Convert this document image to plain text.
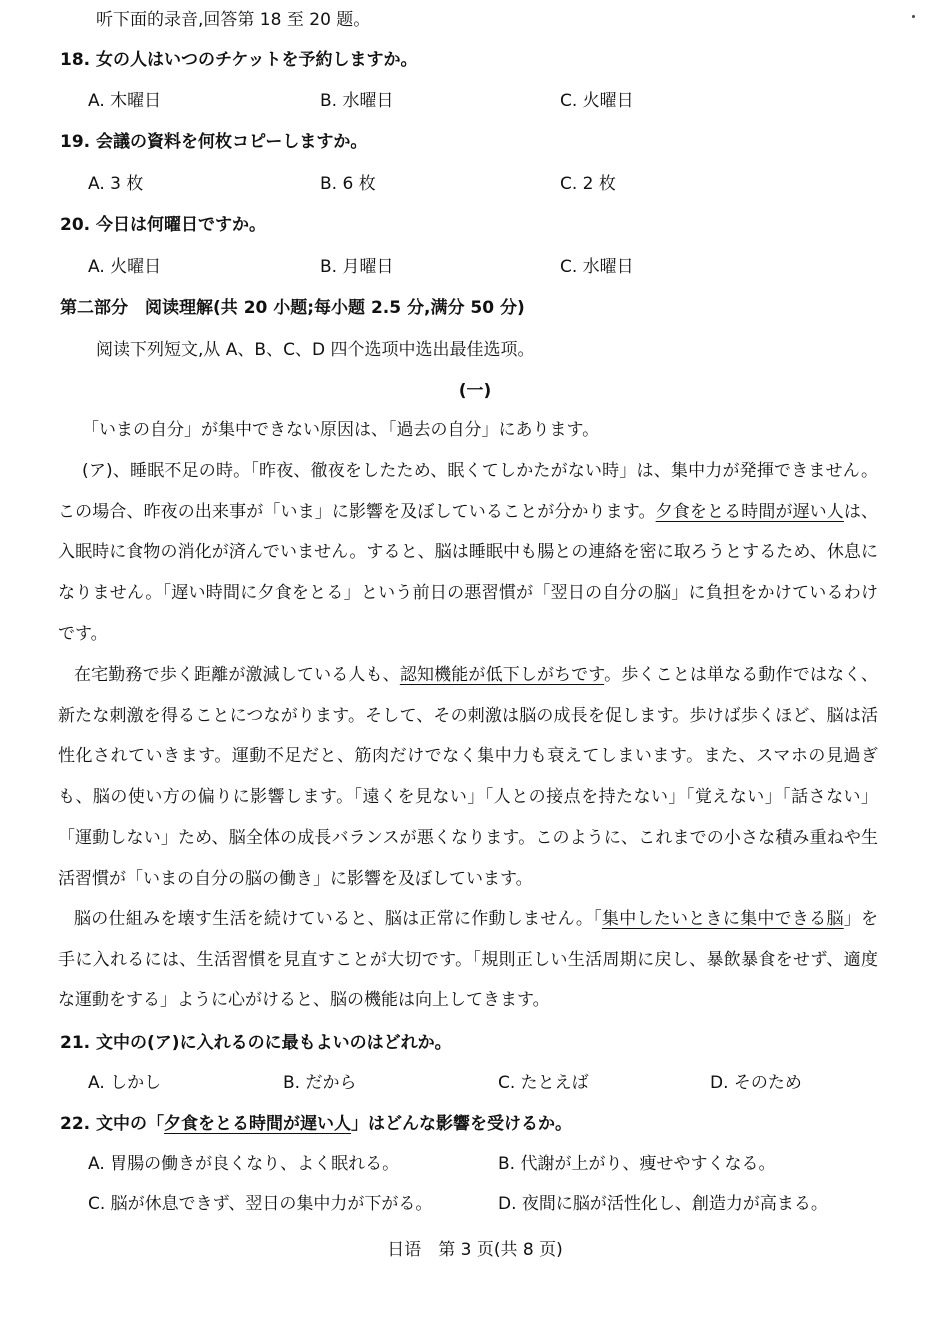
听下面的录音,回答第 18 至 20 题。
18. 女の人はいつのチケットを予約しますか。
A. 木曜日	B. 水曜日	C. 火曜日
19. 会議の資料を何枚コピーしますか。
A. 3 枚	B. 6 枚	C. 2 枚
20. 今日は何曜日ですか。
A. 火曜日	B. 月曜日	C. 水曜日
第二部分　阅读理解(共 20 小题;每小题 2.5 分,满分 50 分)
阅读下列短文,从 A、B、C、D 四个选项中选出最佳选项。
(一)
「いまの自分」が集中できない原因は、「過去の自分」にあります。
(ア)、睡眠不足の時。「昨夜、徹夜をしたため、眠くてしかたがない時」は、集中力が発揮できません。この場合、昨夜の出来事が「いま」に影響を及ぼしていることが分かります。夕食をとる時間が遅い人は、入眠時に食物の消化が済んでいません。すると、脳は睡眠中も腸との連絡を密に取ろうとするため、休息になりません。「遅い時間に夕食をとる」という前日の悪習慣が「翌日の自分の脳」に負担をかけているわけです。
在宅勤務で歩く距離が激減している人も、認知機能が低下しがちです。歩くことは単なる動作ではなく、新たな刺激を得ることにつながります。そして、その刺激は脳の成長を促します。歩けば歩くほど、脳は活性化されていきます。運動不足だと、筋肉だけでなく集中力も衰えてしまいます。また、スマホの見過ぎも、脳の使い方の偏りに影響します。「遠くを見ない」「人との接点を持たない」「覚えない」「話さない」「運動しない」ため、脳全体の成長バランスが悪くなります。このように、これまでの小さな積み重ねや生活習慣が「いまの自分の脳の働き」に影響を及ぼしています。
脳の仕組みを壊す生活を続けていると、脳は正常に作動しません。「集中したいときに集中できる脳」を手に入れるには、生活習慣を見直すことが大切です。「規則正しい生活周期に戻し、暴飲暴食をせず、適度な運動をする」ように心がけると、脳の機能は向上してきます。
21. 文中の(ア)に入れるのに最もよいのはどれか。
A. しかし	B. だから	C. たとえば	D. そのため
22. 文中の「夕食をとる時間が遅い人」はどんな影響を受けるか。
A. 胃腸の働きが良くなり、よく眠れる。	B. 代謝が上がり、痩せやすくなる。
C. 脳が休息できず、翌日の集中力が下がる。	D. 夜間に脳が活性化し、創造力が高まる。
日语　第 3 页(共 8 页)
